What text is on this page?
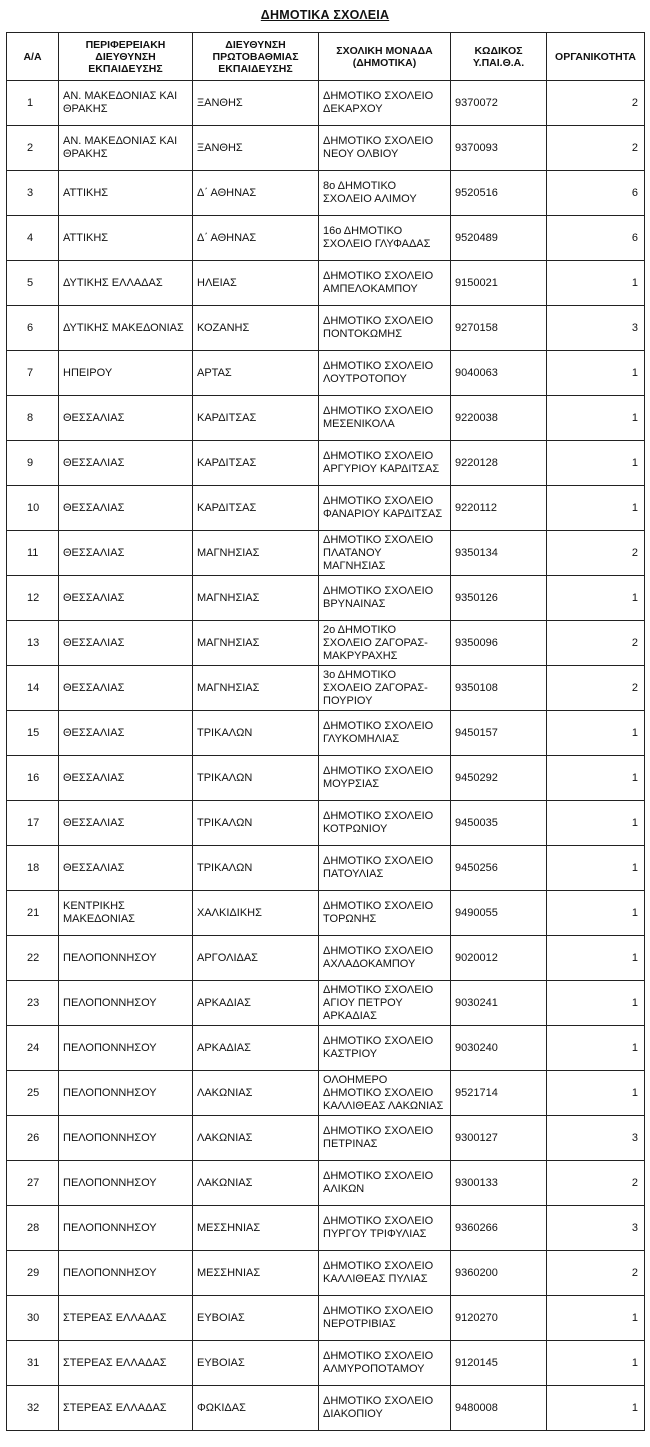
ΔΗΜΟΤΙΚΑ ΣΧΟΛΕΙΑ
Α/Α	ΠΕΡΙΦΕΡΕΙΑΚΗ ΔΙΕΥΘΥΝΣΗ ΕΚΠΑΙΔΕΥΣΗΣ	ΔΙΕΥΘΥΝΣΗ ΠΡΩΤΟΒΑΘΜΙΑΣ ΕΚΠΑΙΔΕΥΣΗΣ	ΣΧΟΛΙΚΗ ΜΟΝΑΔΑ (ΔΗΜΟΤΙΚΑ)	ΚΩΔΙΚΟΣ Υ.ΠΑΙ.Θ.Α.	ΟΡΓΑΝΙΚΟΤΗΤΑ
1	ΑΝ. ΜΑΚΕΔΟΝΙΑΣ ΚΑΙ ΘΡΑΚΗΣ	ΞΑΝΘΗΣ	ΔΗΜΟΤΙΚΟ ΣΧΟΛΕΙΟ ΔΕΚΑΡΧΟΥ	9370072	2
2	ΑΝ. ΜΑΚΕΔΟΝΙΑΣ ΚΑΙ ΘΡΑΚΗΣ	ΞΑΝΘΗΣ	ΔΗΜΟΤΙΚΟ ΣΧΟΛΕΙΟ ΝΕΟΥ ΟΛΒΙΟΥ	9370093	2
3	ΑΤΤΙΚΗΣ	Δ΄ ΑΘΗΝΑΣ	8ο ΔΗΜΟΤΙΚΟ ΣΧΟΛΕΙΟ ΑΛΙΜΟΥ	9520516	6
4	ΑΤΤΙΚΗΣ	Δ΄ ΑΘΗΝΑΣ	16ο ΔΗΜΟΤΙΚΟ ΣΧΟΛΕΙΟ ΓΛΥΦΑΔΑΣ	9520489	6
5	ΔΥΤΙΚΗΣ ΕΛΛΑΔΑΣ	ΗΛΕΙΑΣ	ΔΗΜΟΤΙΚΟ ΣΧΟΛΕΙΟ ΑΜΠΕΛΟΚΑΜΠΟΥ	9150021	1
6	ΔΥΤΙΚΗΣ ΜΑΚΕΔΟΝΙΑΣ	ΚΟΖΑΝΗΣ	ΔΗΜΟΤΙΚΟ ΣΧΟΛΕΙΟ ΠΟΝΤΟΚΩΜΗΣ	9270158	3
7	ΗΠΕΙΡΟΥ	ΑΡΤΑΣ	ΔΗΜΟΤΙΚΟ ΣΧΟΛΕΙΟ ΛΟΥΤΡΟΤΟΠΟΥ	9040063	1
8	ΘΕΣΣΑΛΙΑΣ	ΚΑΡΔΙΤΣΑΣ	ΔΗΜΟΤΙΚΟ ΣΧΟΛΕΙΟ ΜΕΣΕΝΙΚΟΛΑ	9220038	1
9	ΘΕΣΣΑΛΙΑΣ	ΚΑΡΔΙΤΣΑΣ	ΔΗΜΟΤΙΚΟ ΣΧΟΛΕΙΟ ΑΡΓΥΡΙΟΥ ΚΑΡΔΙΤΣΑΣ	9220128	1
10	ΘΕΣΣΑΛΙΑΣ	ΚΑΡΔΙΤΣΑΣ	ΔΗΜΟΤΙΚΟ ΣΧΟΛΕΙΟ ΦΑΝΑΡΙΟΥ ΚΑΡΔΙΤΣΑΣ	9220112	1
11	ΘΕΣΣΑΛΙΑΣ	ΜΑΓΝΗΣΙΑΣ	ΔΗΜΟΤΙΚΟ ΣΧΟΛΕΙΟ ΠΛΑΤΑΝΟΥ ΜΑΓΝΗΣΙΑΣ	9350134	2
12	ΘΕΣΣΑΛΙΑΣ	ΜΑΓΝΗΣΙΑΣ	ΔΗΜΟΤΙΚΟ ΣΧΟΛΕΙΟ ΒΡΥΝΑΙΝΑΣ	9350126	1
13	ΘΕΣΣΑΛΙΑΣ	ΜΑΓΝΗΣΙΑΣ	2ο ΔΗΜΟΤΙΚΟ ΣΧΟΛΕΙΟ ΖΑΓΟΡΑΣ-ΜΑΚΡΥΡΑΧΗΣ	9350096	2
14	ΘΕΣΣΑΛΙΑΣ	ΜΑΓΝΗΣΙΑΣ	3ο ΔΗΜΟΤΙΚΟ ΣΧΟΛΕΙΟ ΖΑΓΟΡΑΣ-ΠΟΥΡΙΟΥ	9350108	2
15	ΘΕΣΣΑΛΙΑΣ	ΤΡΙΚΑΛΩΝ	ΔΗΜΟΤΙΚΟ ΣΧΟΛΕΙΟ ΓΛΥΚΟΜΗΛΙΑΣ	9450157	1
16	ΘΕΣΣΑΛΙΑΣ	ΤΡΙΚΑΛΩΝ	ΔΗΜΟΤΙΚΟ ΣΧΟΛΕΙΟ ΜΟΥΡΣΙΑΣ	9450292	1
17	ΘΕΣΣΑΛΙΑΣ	ΤΡΙΚΑΛΩΝ	ΔΗΜΟΤΙΚΟ ΣΧΟΛΕΙΟ ΚΟΤΡΩΝΙΟΥ	9450035	1
18	ΘΕΣΣΑΛΙΑΣ	ΤΡΙΚΑΛΩΝ	ΔΗΜΟΤΙΚΟ ΣΧΟΛΕΙΟ ΠΑΤΟΥΛΙΑΣ	9450256	1
21	ΚΕΝΤΡΙΚΗΣ ΜΑΚΕΔΟΝΙΑΣ	ΧΑΛΚΙΔΙΚΗΣ	ΔΗΜΟΤΙΚΟ ΣΧΟΛΕΙΟ ΤΟΡΩΝΗΣ	9490055	1
22	ΠΕΛΟΠΟΝΝΗΣΟΥ	ΑΡΓΟΛΙΔΑΣ	ΔΗΜΟΤΙΚΟ ΣΧΟΛΕΙΟ ΑΧΛΑΔΟΚΑΜΠΟΥ	9020012	1
23	ΠΕΛΟΠΟΝΝΗΣΟΥ	ΑΡΚΑΔΙΑΣ	ΔΗΜΟΤΙΚΟ ΣΧΟΛΕΙΟ ΑΓΙΟΥ ΠΕΤΡΟΥ ΑΡΚΑΔΙΑΣ	9030241	1
24	ΠΕΛΟΠΟΝΝΗΣΟΥ	ΑΡΚΑΔΙΑΣ	ΔΗΜΟΤΙΚΟ ΣΧΟΛΕΙΟ ΚΑΣΤΡΙΟΥ	9030240	1
25	ΠΕΛΟΠΟΝΝΗΣΟΥ	ΛΑΚΩΝΙΑΣ	ΟΛΟΗΜΕΡΟ ΔΗΜΟΤΙΚΟ ΣΧΟΛΕΙΟ ΚΑΛΛΙΘΕΑΣ ΛΑΚΩΝΙΑΣ	9521714	1
26	ΠΕΛΟΠΟΝΝΗΣΟΥ	ΛΑΚΩΝΙΑΣ	ΔΗΜΟΤΙΚΟ ΣΧΟΛΕΙΟ ΠΕΤΡΙΝΑΣ	9300127	3
27	ΠΕΛΟΠΟΝΝΗΣΟΥ	ΛΑΚΩΝΙΑΣ	ΔΗΜΟΤΙΚΟ ΣΧΟΛΕΙΟ ΑΛΙΚΩΝ	9300133	2
28	ΠΕΛΟΠΟΝΝΗΣΟΥ	ΜΕΣΣΗΝΙΑΣ	ΔΗΜΟΤΙΚΟ ΣΧΟΛΕΙΟ ΠΥΡΓΟΥ ΤΡΙΦΥΛΙΑΣ	9360266	3
29	ΠΕΛΟΠΟΝΝΗΣΟΥ	ΜΕΣΣΗΝΙΑΣ	ΔΗΜΟΤΙΚΟ ΣΧΟΛΕΙΟ ΚΑΛΛΙΘΕΑΣ ΠΥΛΙΑΣ	9360200	2
30	ΣΤΕΡΕΑΣ ΕΛΛΑΔΑΣ	ΕΥΒΟΙΑΣ	ΔΗΜΟΤΙΚΟ ΣΧΟΛΕΙΟ ΝΕΡΟΤΡΙΒΙΑΣ	9120270	1
31	ΣΤΕΡΕΑΣ ΕΛΛΑΔΑΣ	ΕΥΒΟΙΑΣ	ΔΗΜΟΤΙΚΟ ΣΧΟΛΕΙΟ ΑΛΜΥΡΟΠΟΤΑΜΟΥ	9120145	1
32	ΣΤΕΡΕΑΣ ΕΛΛΑΔΑΣ	ΦΩΚΙΔΑΣ	ΔΗΜΟΤΙΚΟ ΣΧΟΛΕΙΟ ΔΙΑΚΟΠΙΟΥ	9480008	1
